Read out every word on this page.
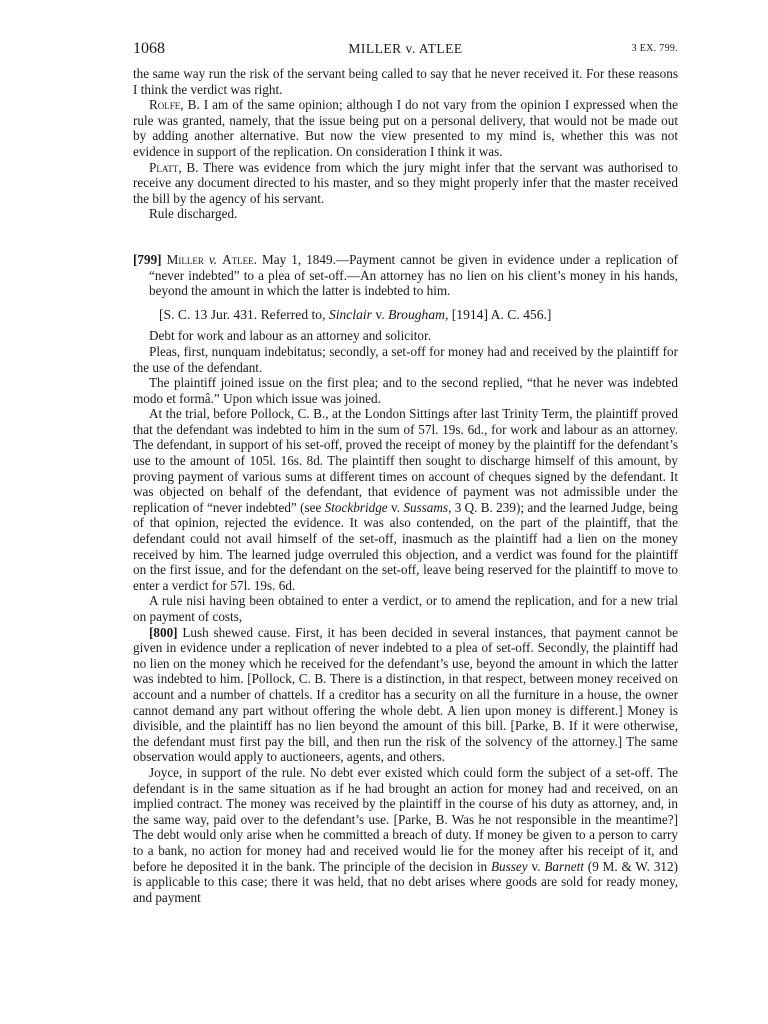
1068	MILLER v. ATLEE	3 EX. 799.

the same way run the risk of the servant being called to say that he never received it. For these reasons I think the verdict was right.

Rolfe, B. I am of the same opinion; although I do not vary from the opinion I expressed when the rule was granted, namely, that the issue being put on a personal delivery, that would not be made out by adding another alternative. But now the view presented to my mind is, whether this was not evidence in support of the replication. On consideration I think it was.

Platt, B. There was evidence from which the jury might infer that the servant was authorised to receive any document directed to his master, and so they might properly infer that the master received the bill by the agency of his servant.

Rule discharged.

[799] Miller v. Atlee. May 1, 1849.—Payment cannot be given in evidence under a replication of “never indebted” to a plea of set-off.—An attorney has no lien on his client’s money in his hands, beyond the amount in which the latter is indebted to him.

[S. C. 13 Jur. 431. Referred to, Sinclair v. Brougham, [1914] A. C. 456.]

Debt for work and labour as an attorney and solicitor.

Pleas, first, nunquam indebitatus; secondly, a set-off for money had and received by the plaintiff for the use of the defendant.

The plaintiff joined issue on the first plea; and to the second replied, “that he never was indebted modo et formâ.” Upon which issue was joined.

At the trial, before Pollock, C. B., at the London Sittings after last Trinity Term, the plaintiff proved that the defendant was indebted to him in the sum of 57l. 19s. 6d., for work and labour as an attorney. The defendant, in support of his set-off, proved the receipt of money by the plaintiff for the defendant’s use to the amount of 105l. 16s. 8d. The plaintiff then sought to discharge himself of this amount, by proving payment of various sums at different times on account of cheques signed by the defendant. It was objected on behalf of the defendant, that evidence of payment was not admissible under the replication of “never indebted” (see Stockbridge v. Sussams, 3 Q. B. 239); and the learned Judge, being of that opinion, rejected the evidence. It was also contended, on the part of the plaintiff, that the defendant could not avail himself of the set-off, inasmuch as the plaintiff had a lien on the money received by him. The learned judge overruled this objection, and a verdict was found for the plaintiff on the first issue, and for the defendant on the set-off, leave being reserved for the plaintiff to move to enter a verdict for 57l. 19s. 6d.

A rule nisi having been obtained to enter a verdict, or to amend the replication, and for a new trial on payment of costs,

[800] Lush shewed cause. First, it has been decided in several instances, that payment cannot be given in evidence under a replication of never indebted to a plea of set-off. Secondly, the plaintiff had no lien on the money which he received for the defendant’s use, beyond the amount in which the latter was indebted to him. [Pollock, C. B. There is a distinction, in that respect, between money received on account and a number of chattels. If a creditor has a security on all the furniture in a house, the owner cannot demand any part without offering the whole debt. A lien upon money is different.] Money is divisible, and the plaintiff has no lien beyond the amount of this bill. [Parke, B. If it were otherwise, the defendant must first pay the bill, and then run the risk of the solvency of the attorney.] The same observation would apply to auctioneers, agents, and others.

Joyce, in support of the rule. No debt ever existed which could form the subject of a set-off. The defendant is in the same situation as if he had brought an action for money had and received, on an implied contract. The money was received by the plaintiff in the course of his duty as attorney, and, in the same way, paid over to the defendant’s use. [Parke, B. Was he not responsible in the meantime?] The debt would only arise when he committed a breach of duty. If money be given to a person to carry to a bank, no action for money had and received would lie for the money after his receipt of it, and before he deposited it in the bank. The principle of the decision in Bussey v. Barnett (9 M. & W. 312) is applicable to this case; there it was held, that no debt arises where goods are sold for ready money, and payment
